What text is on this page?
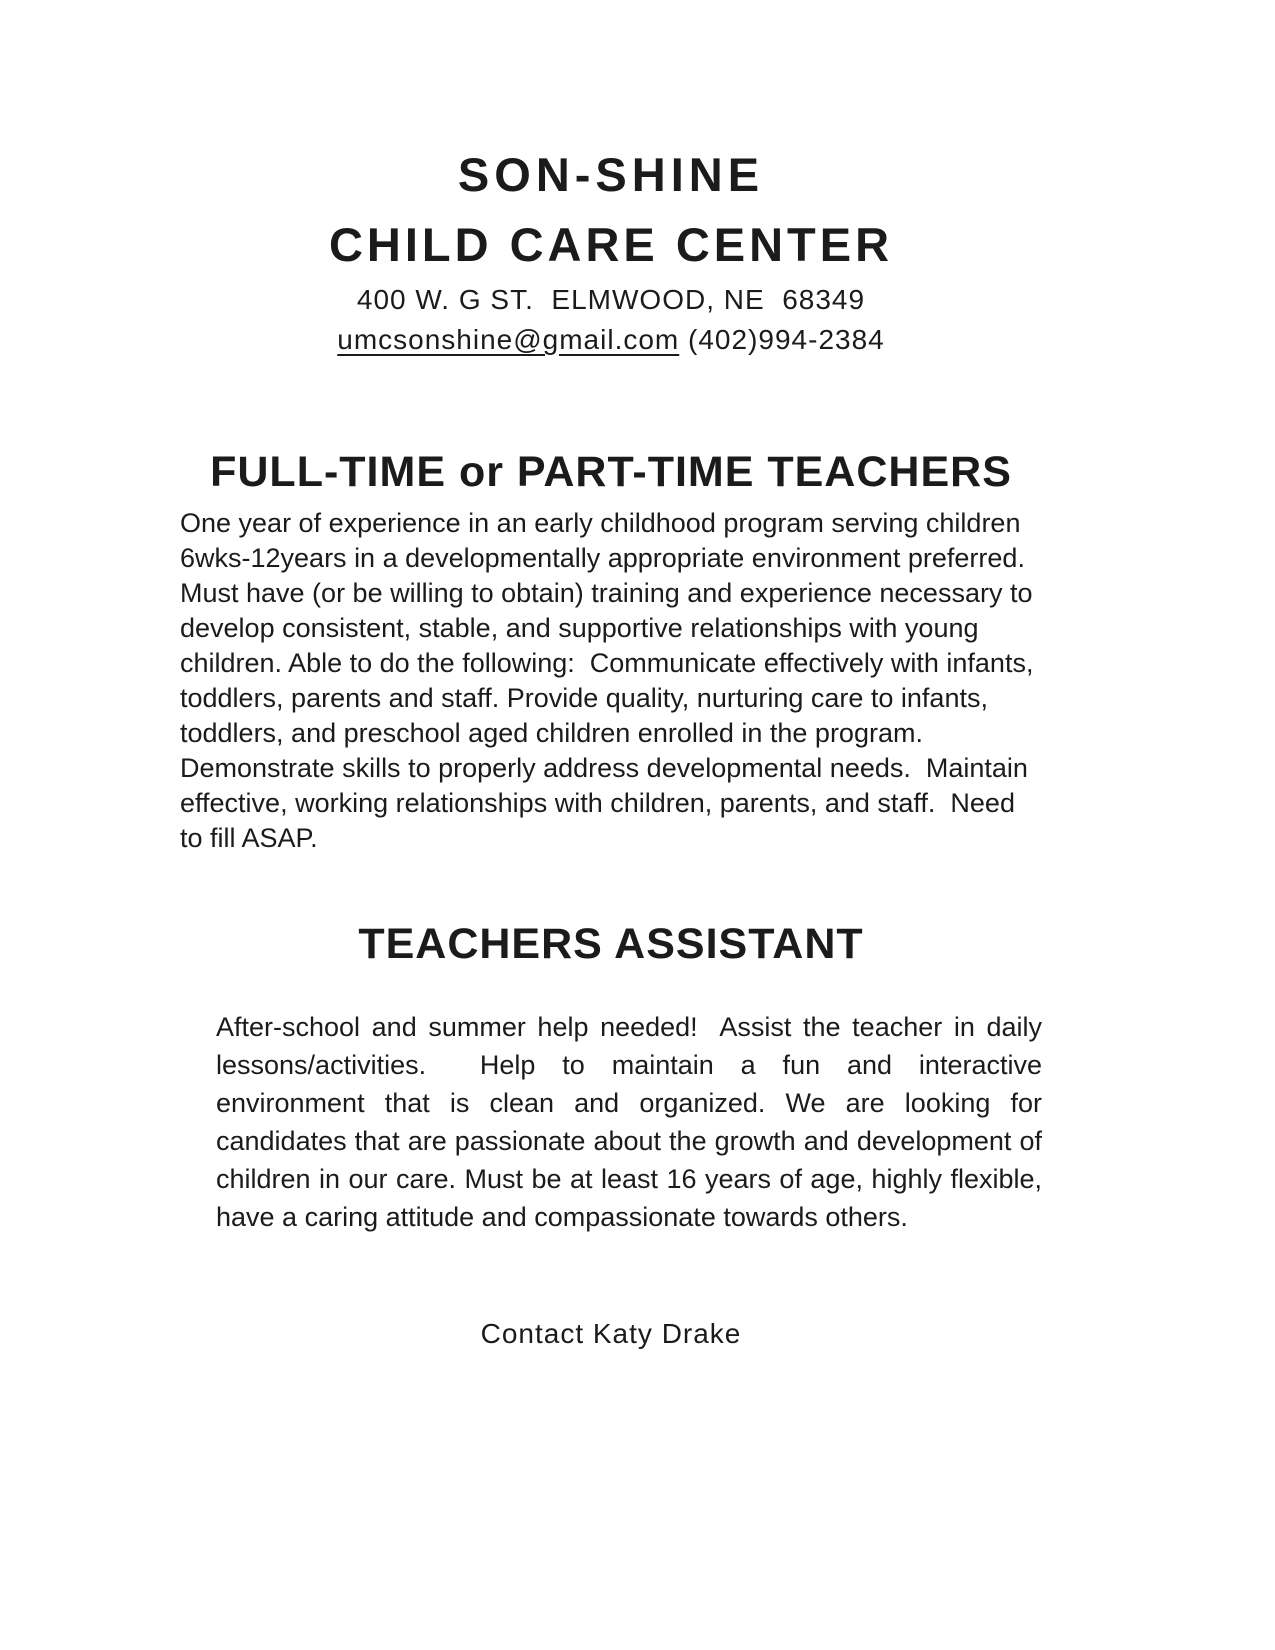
SON-SHINE
CHILD CARE CENTER
400 W. G ST.  ELMWOOD, NE  68349
umcsonshine@gmail.com (402)994-2384
FULL-TIME or PART-TIME TEACHERS
One year of experience in an early childhood program serving children 6wks-12years in a developmentally appropriate environment preferred. Must have (or be willing to obtain) training and experience necessary to develop consistent, stable, and supportive relationships with young children. Able to do the following:  Communicate effectively with infants, toddlers, parents and staff. Provide quality, nurturing care to infants, toddlers, and preschool aged children enrolled in the program. Demonstrate skills to properly address developmental needs.  Maintain effective, working relationships with children, parents, and staff.  Need to fill ASAP.
TEACHERS ASSISTANT
After-school and summer help needed!  Assist the teacher in daily lessons/activities.  Help to maintain a fun and interactive environment that is clean and organized. We are looking for candidates that are passionate about the growth and development of children in our care. Must be at least 16 years of age, highly flexible, have a caring attitude and compassionate towards others.
Contact Katy Drake
